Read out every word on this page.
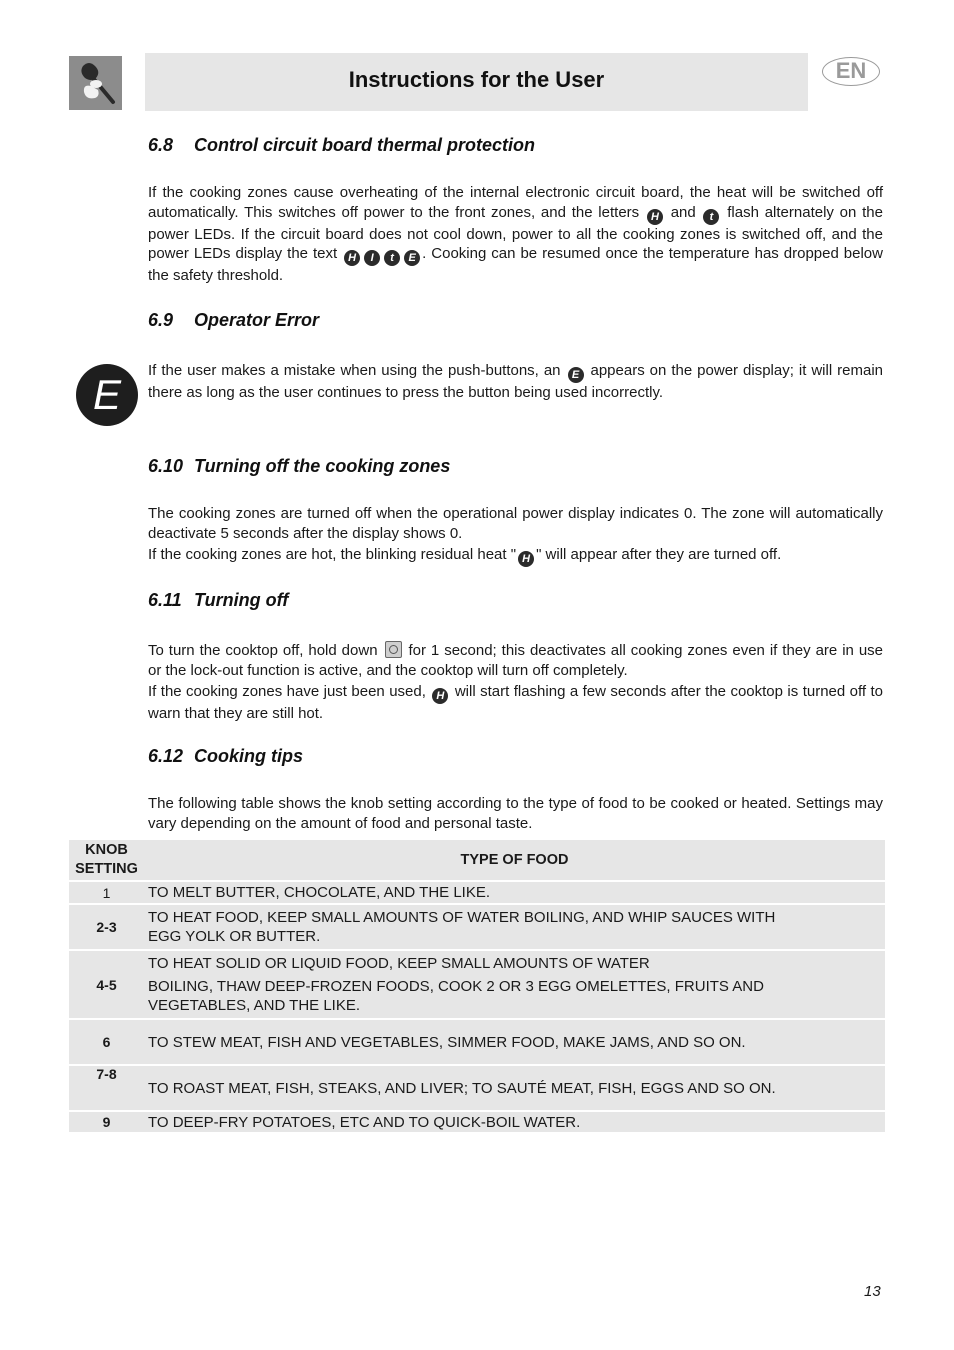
Instructions for the User	EN
6.8 Control circuit board thermal protection
If the cooking zones cause overheating of the internal electronic circuit board, the heat will be switched off automatically. This switches off power to the front zones, and the letters H and t flash alternately on the power LEDs. If the circuit board does not cool down, power to all the cooking zones is switched off, and the power LEDs display the text H I t E . Cooking can be resumed once the temperature has dropped below the safety threshold.
6.9 Operator Error
E
If the user makes a mistake when using the push-buttons, an E appears on the power display; it will remain there as long as the user continues to press the button being used incorrectly.
6.10 Turning off the cooking zones
The cooking zones are turned off when the operational power display indicates 0. The zone will automatically deactivate 5 seconds after the display shows 0.
If the cooking zones are hot, the blinking residual heat " H " will appear after they are turned off.
6.11 Turning off
To turn the cooktop off, hold down for 1 second; this deactivates all cooking zones even if they are in use or the lock-out function is active, and the cooktop will turn off completely.
If the cooking zones have just been used, H will start flashing a few seconds after the cooktop is turned off to warn that they are still hot.
6.12 Cooking tips
The following table shows the knob setting according to the type of food to be cooked or heated. Settings may vary depending on the amount of food and personal taste.
KNOB
SETTING	TYPE OF FOOD
1	TO MELT BUTTER, CHOCOLATE, AND THE LIKE.

2-3	TO HEAT FOOD, KEEP SMALL AMOUNTS OF WATER BOILING, AND WHIP SAUCES WITH EGG YOLK OR BUTTER.

4-5	TO HEAT SOLID OR LIQUID FOOD, KEEP SMALL AMOUNTS OF WATER
BOILING, THAW DEEP-FROZEN FOODS, COOK 2 OR 3 EGG OMELETTES, FRUITS AND VEGETABLES, AND THE LIKE.

6	TO STEW MEAT, FISH AND VEGETABLES, SIMMER FOOD, MAKE JAMS, AND SO ON.

7-8	TO ROAST MEAT, FISH, STEAKS, AND LIVER; TO SAUTÉ MEAT, FISH, EGGS AND SO ON.

9	TO DEEP-FRY POTATOES, ETC AND TO QUICK-BOIL WATER.
13
